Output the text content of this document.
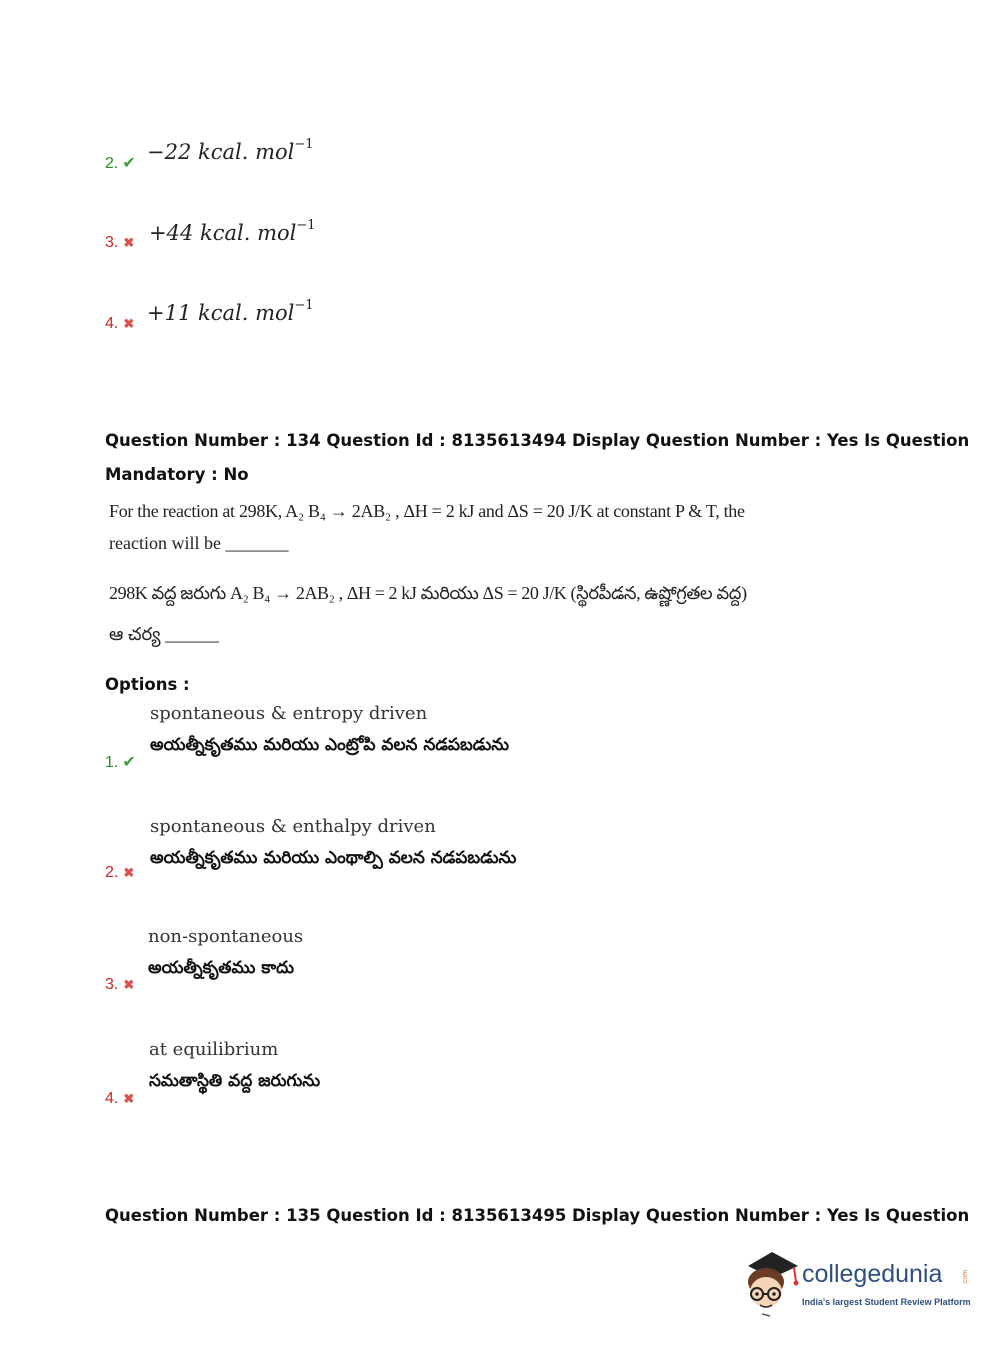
2. ✔ −22 kcal. mol$^{-1}$
3. ✖ +44 kcal. mol$^{-1}$
4. ✖ +11 kcal. mol$^{-1}$
Question Number : 134 Question Id : 8135613494 Display Question Number : Yes Is Question
Mandatory : No
For the reaction at 298K, A₂ B₄ → 2AB₂ , ΔH = 2 kJ and ΔS = 20 J/K at constant P & T, the
reaction will be _______
298K వద్ద జరుగు A₂ B₄ → 2AB₂ , ΔH = 2 kJ మరియు ΔS = 20 J/K (స్థిరపీడన, ఉష్ణోగ్రతల వద్ద)
ఆ చర్య ______
Options :
spontaneous & entropy driven
అయత్నీకృతము మరియు ఎంట్రోపి వలన నడపబడును
1. ✔
spontaneous & enthalpy driven
అయత్నీకృతము మరియు ఎంథాల్పి వలన నడపబడును
2. ✖
non-spontaneous
అయత్నీకృతము కాదు
3. ✖
at equilibrium
సమతాస్థితి వద్ద జరుగును
4. ✖
Question Number : 135 Question Id : 8135613495 Display Question Number : Yes Is Question
collegedunia	.com
India's largest Student Review Platform
